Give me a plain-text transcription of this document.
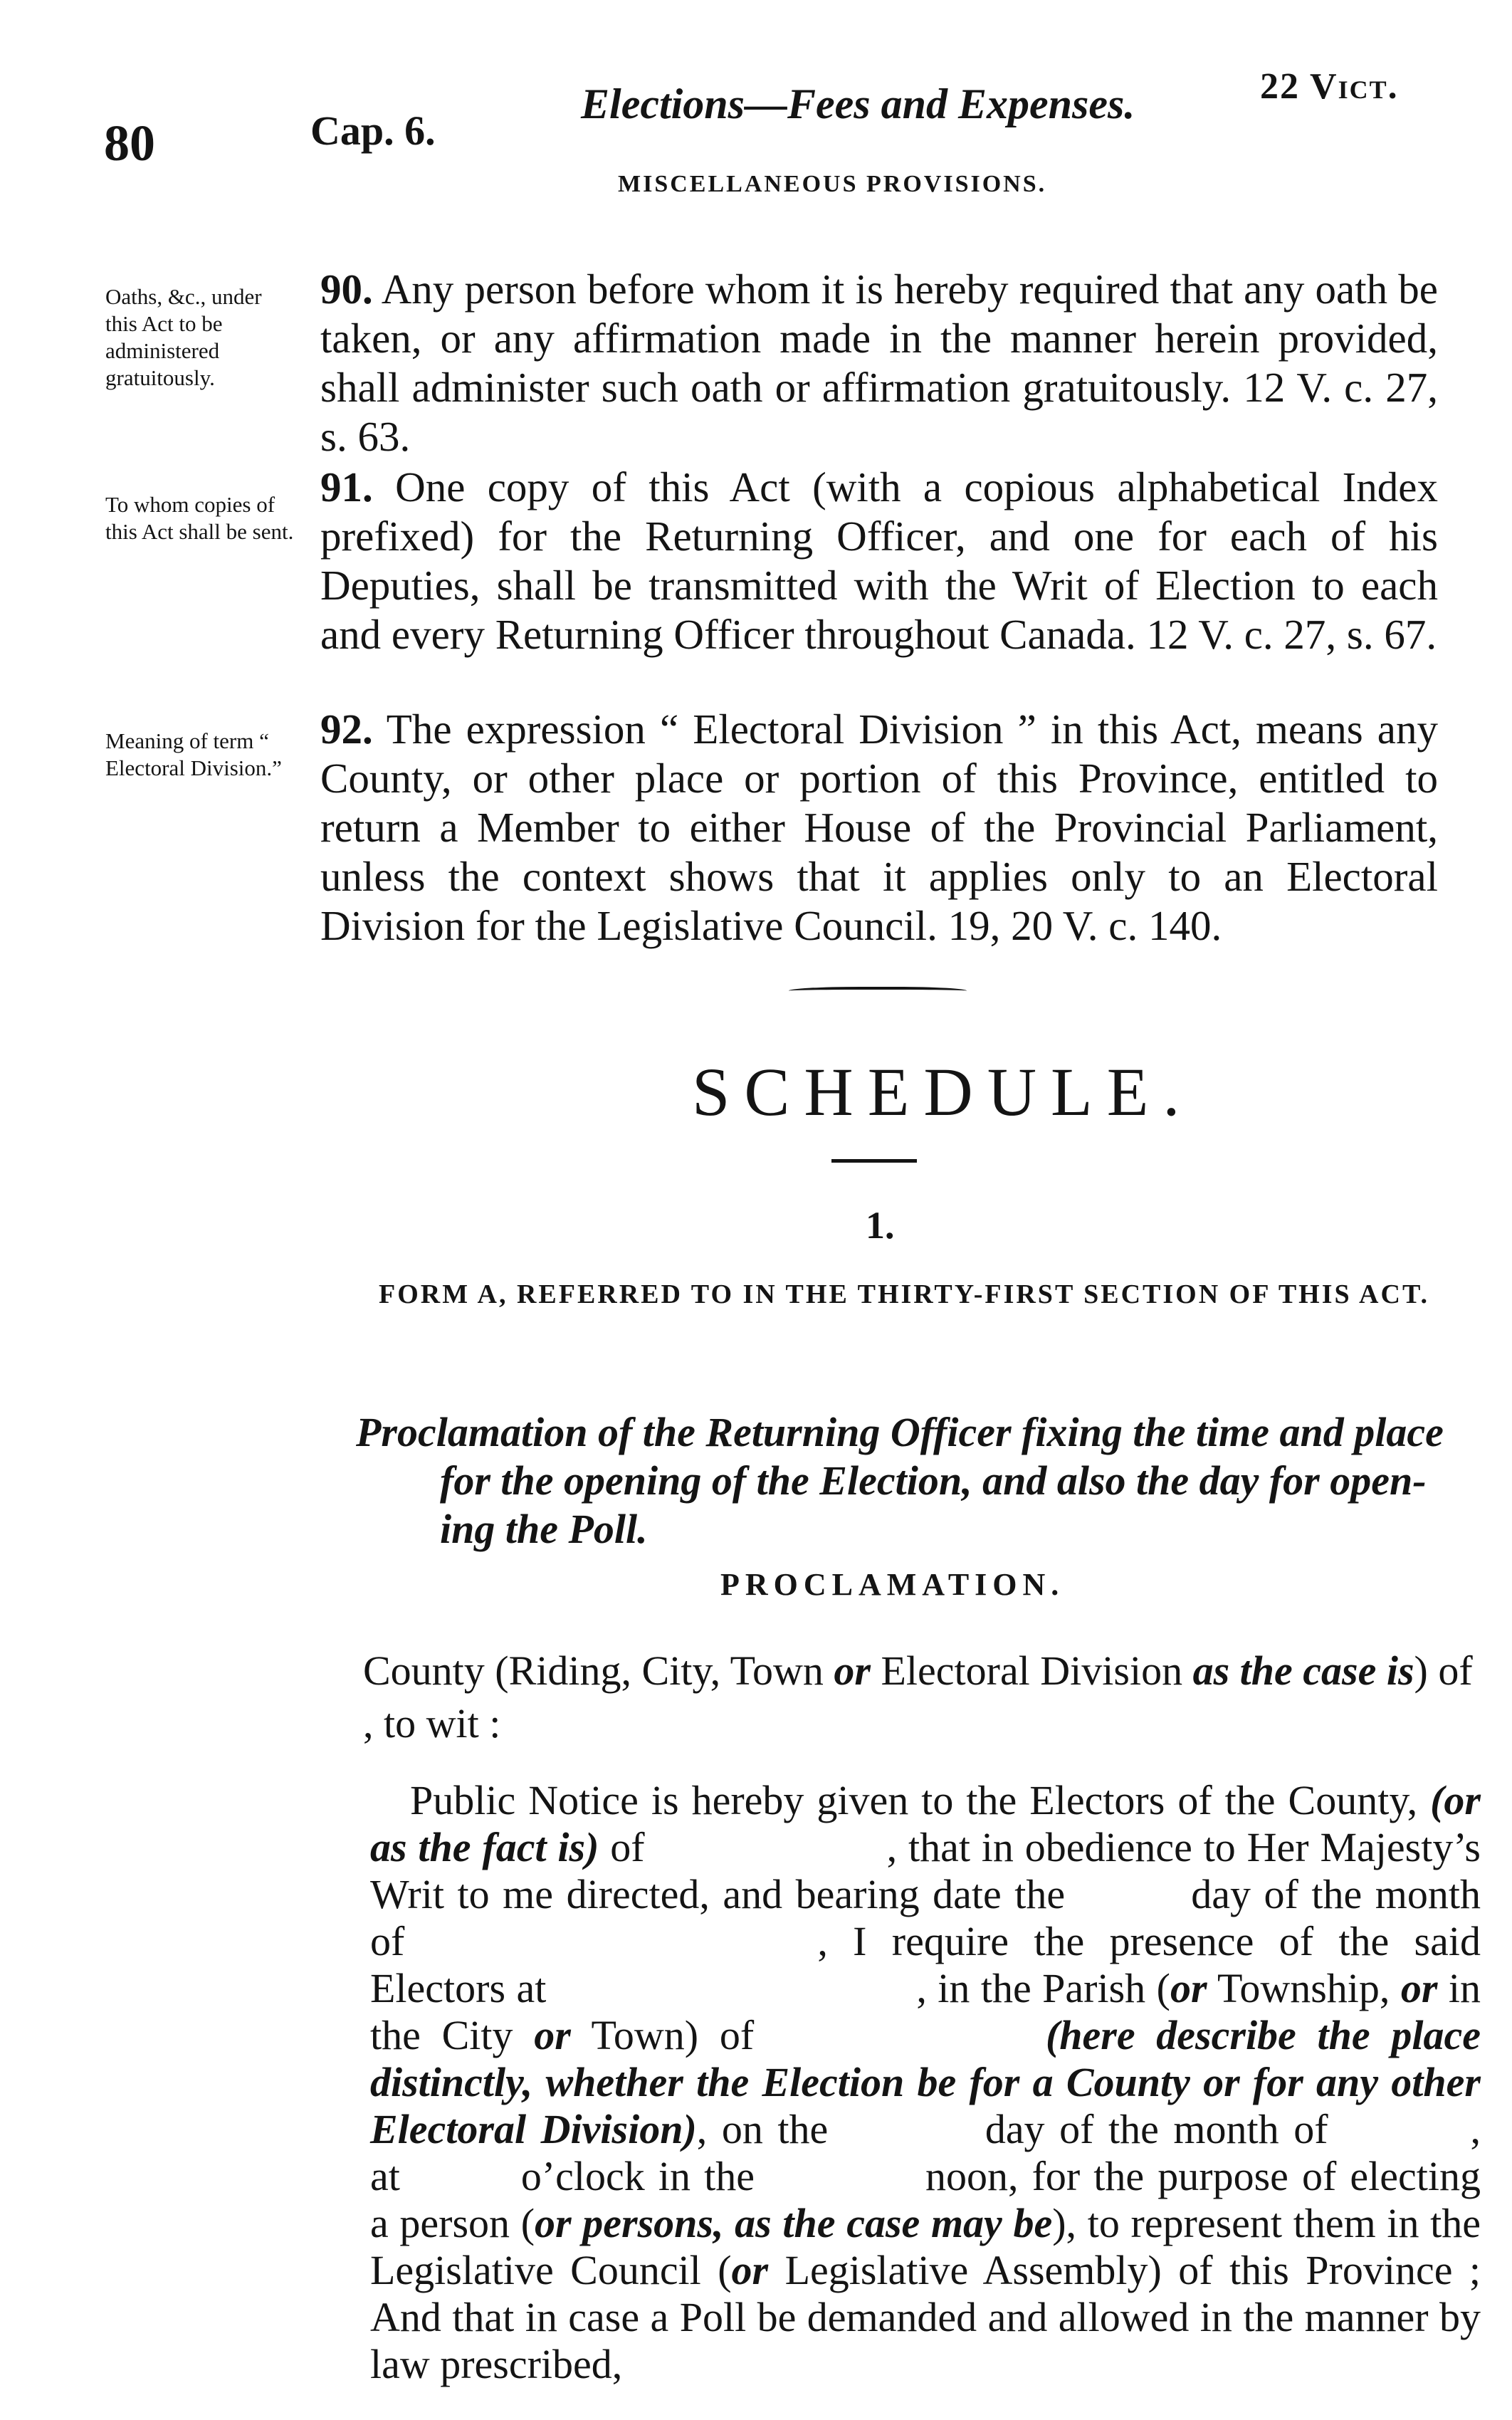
80	Cap. 6.
Elections—Fees and Expenses.	22 Vict.
MISCELLANEOUS PROVISIONS.
Oaths, &c., under this Act to be administered gratuitously.
90. Any person before whom it is hereby required that any oath be taken, or any affirmation made in the manner herein provided, shall administer such oath or affirmation gratuitously. 12 V. c. 27, s. 63.
To whom copies of this Act shall be sent.
91. One copy of this Act (with a copious alphabetical Index prefixed) for the Returning Officer, and one for each of his Deputies, shall be transmitted with the Writ of Election to each and every Returning Officer throughout Canada. 12 V. c. 27, s. 67.
Meaning of term “ Electoral Division.”
92. The expression “ Electoral Division ” in this Act, means any County, or other place or portion of this Province, entitled to return a Member to either House of the Provincial Parliament, unless the context shows that it applies only to an Electoral Division for the Legislative Council. 19, 20 V. c. 140.
SCHEDULE.
1.
FORM A, REFERRED TO IN THE THIRTY-FIRST SECTION OF THIS ACT.
Proclamation of the Returning Officer fixing the time and place
for the opening of the Election, and also the day for open-
ing the Poll.
PROCLAMATION.
County (Riding, City, Town or Electoral Division as the case is) of , to wit :
Public Notice is hereby given to the Electors of the County, (or as the fact is) of	, that in obedience to Her Majesty’s Writ to me directed, and bearing date the	day of the month of	, I require the presence of the said Electors at	, in the Parish (or Township, or in the City or Town) of	(here describe the place distinctly, whether the Election be for a County or for any other Electoral Division), on the	day of the month of	, at	o’clock in the	noon, for the purpose of electing a person (or persons, as the case may be), to represent them in the Legislative Council (or Legislative Assembly) of this Province ; And that in case a Poll be demanded and allowed in the manner by law prescribed,
